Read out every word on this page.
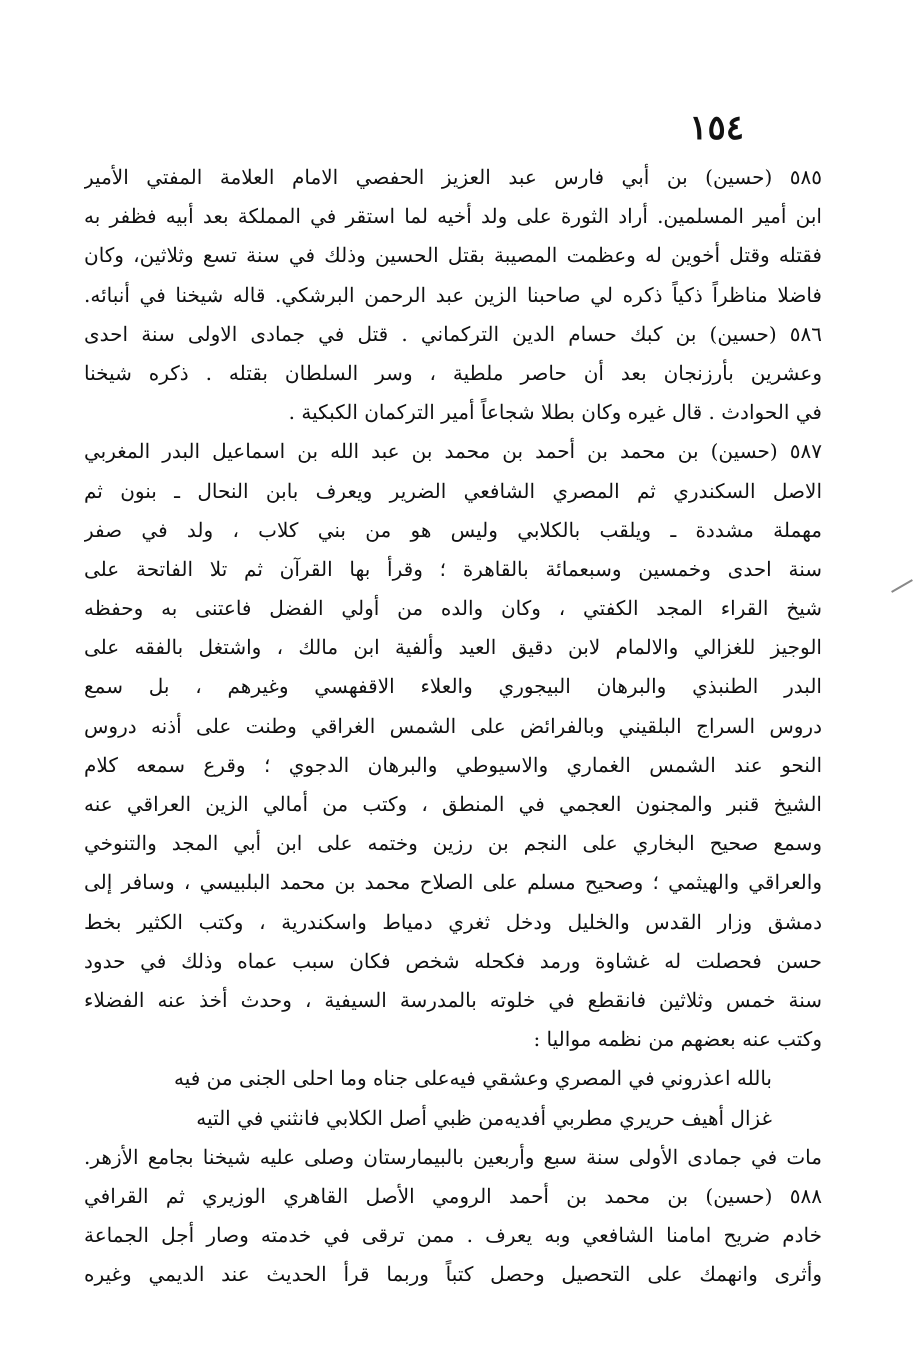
١٥٤
٥٨٥ (حسين) بن أبي فارس عبد العزيز الحفصي الامام العلامة المفتي الأمير
ابن أمير المسلمين. أراد الثورة على ولد أخيه لما استقر في المملكة بعد أبيه فظفر به
فقتله وقتل أخوين له وعظمت المصيبة بقتل الحسين وذلك في سنة تسع وثلاثين، وكان
فاضلا مناظراً ذكياً ذكره لي صاحبنا الزين عبد الرحمن البرشكي. قاله شيخنا في أنبائه.
٥٨٦ (حسين) بن كبك حسام الدين التركماني . قتل في جمادى الاولى سنة احدى
وعشرين بأرزنجان بعد أن حاصر ملطية ، وسر السلطان بقتله . ذكره شيخنا
في الحوادث . قال غيره وكان بطلا شجاعاً أمير التركمان الكبكية .
٥٨٧ (حسين) بن محمد بن أحمد بن محمد بن عبد الله بن اسماعيل البدر المغربي
الاصل السكندري ثم المصري الشافعي الضرير ويعرف بابن النحال ـ بنون ثم
مهملة مشددة ـ ويلقب بالكلابي وليس هو من بني كلاب ، ولد في صفر
سنة احدى وخمسين وسبعمائة بالقاهرة ؛ وقرأ بها القرآن ثم تلا الفاتحة على
شيخ القراء المجد الكفتي ، وكان والده من أولي الفضل فاعتنى به وحفظه
الوجيز للغزالي والالمام لابن دقيق العيد وألفية ابن مالك ، واشتغل بالفقه على
البدر الطنبذي والبرهان البيجوري والعلاء الاقفهسي وغيرهم ، بل سمع
دروس السراج البلقيني وبالفرائض على الشمس الغراقي وطنت على أذنه دروس
النحو عند الشمس الغماري والاسيوطي والبرهان الدجوي ؛ وقرع سمعه كلام
الشيخ قنبر والمجنون العجمي في المنطق ، وكتب من أمالي الزين العراقي عنه
وسمع صحيح البخاري على النجم بن رزين وختمه على ابن أبي المجد والتنوخي
والعراقي والهيثمي ؛ وصحيح مسلم على الصلاح محمد بن محمد البلبيسي ، وسافر إلى
دمشق وزار القدس والخليل ودخل ثغري دمياط واسكندرية ، وكتب الكثير بخط
حسن فحصلت له غشاوة ورمد فكحله شخص فكان سبب عماه وذلك في حدود
سنة خمس وثلاثين فانقطع في خلوته بالمدرسة السيفية ، وحدث أخذ عنه الفضلاء
وكتب عنه بعضهم من نظمه مواليا :
بالله اعذروني في المصري وعشقي فيه
على جناه وما احلى الجنى من فيه
غزال أهيف حريري مطربي أفديه
من ظبي أصل الكلابي فانثني في التيه
مات في جمادى الأولى سنة سبع وأربعين بالبيمارستان وصلى عليه شيخنا بجامع الأزهر.
٥٨٨ (حسين) بن محمد بن أحمد الرومي الأصل القاهري الوزيري ثم القرافي
خادم ضريح امامنا الشافعي وبه يعرف . ممن ترقى في خدمته وصار أجل الجماعة
وأثرى وانهمك على التحصيل وحصل كتباً وربما قرأ الحديث عند الديمي وغيره
